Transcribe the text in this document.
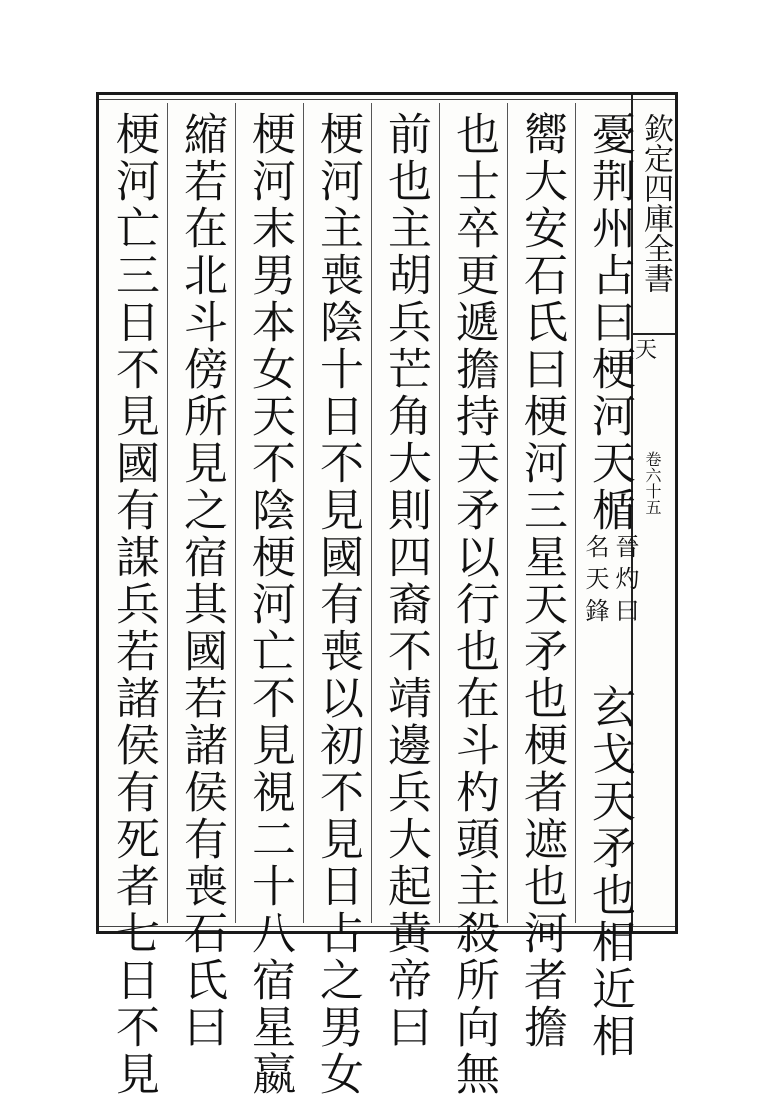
欽定四庫全書
天
卷六十五
憂荆州占曰梗河天楯
晉灼曰
名天鋒
玄戈天矛也相近相
嚮大安石氏曰梗河三星天矛也梗者遮也河者擔
也士卒更遞擔持天矛以行也在斗杓頭主殺所向無
前也主胡兵芒角大則四裔不靖邊兵大起黄帝曰
梗河主喪陰十日不見國有喪以初不見日占之男女
梗河末男本女天不陰梗河亡不見視二十八宿星嬴
縮若在北斗傍所見之宿其國若諸侯有喪石氏曰
梗河亡三日不見國有謀兵若諸侯有死者七日不見
